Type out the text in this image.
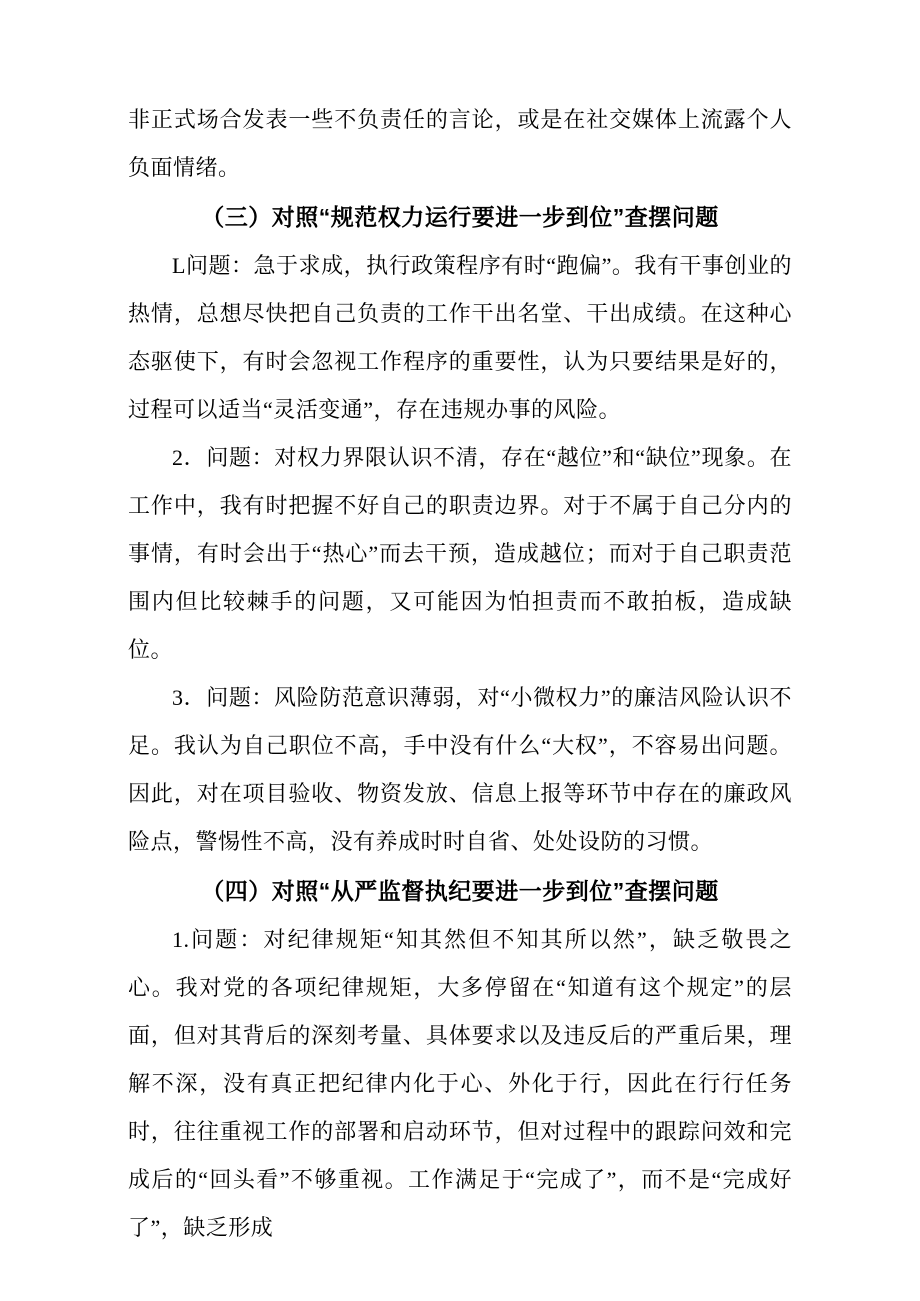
非正式场合发表一些不负责任的言论，或是在社交媒体上流露个人负面情绪。

（三）对照“规范权力运行要进一步到位”查摆问题

L问题：急于求成，执行政策程序有时“跑偏”。我有干事创业的热情，总想尽快把自己负责的工作干出名堂、干出成绩。在这种心态驱使下，有时会忽视工作程序的重要性，认为只要结果是好的，过程可以适当“灵活变通”，存在违规办事的风险。

2．问题：对权力界限认识不清，存在“越位”和“缺位”现象。在工作中，我有时把握不好自己的职责边界。对于不属于自己分内的事情，有时会出于“热心”而去干预，造成越位；而对于自己职责范围内但比较棘手的问题，又可能因为怕担责而不敢拍板，造成缺位。

3．问题：风险防范意识薄弱，对“小微权力”的廉洁风险认识不足。我认为自己职位不高，手中没有什么“大权”，不容易出问题。因此，对在项目验收、物资发放、信息上报等环节中存在的廉政风险点，警惕性不高，没有养成时时自省、处处设防的习惯。

（四）对照“从严监督执纪要进一步到位”查摆问题

1.问题：对纪律规矩“知其然但不知其所以然”，缺乏敬畏之心。我对党的各项纪律规矩，大多停留在“知道有这个规定”的层面，但对其背后的深刻考量、具体要求以及违反后的严重后果，理解不深，没有真正把纪律内化于心、外化于行，因此在行行任务时，往往重视工作的部署和启动环节，但对过程中的跟踪问效和完成后的“回头看”不够重视。工作满足于“完成了”，而不是“完成好了”，缺乏形成
